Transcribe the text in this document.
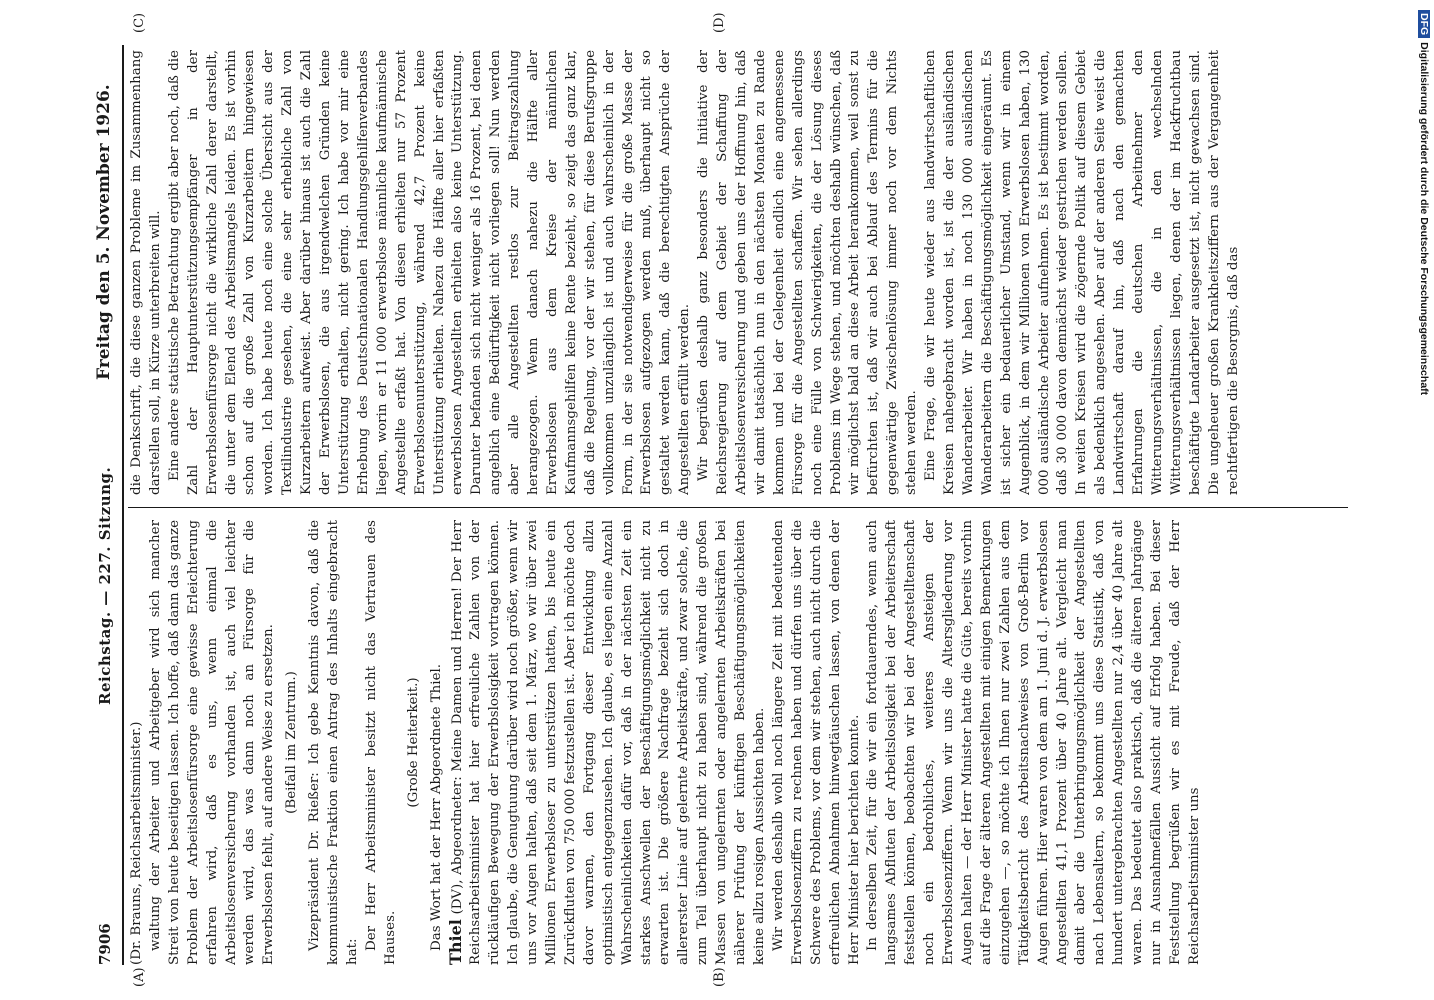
7906
Reichstag. — 227. Sitzung.
Freitag den 5. November 1926.
(A)	(B)
(C)	(D)

(Dr. Brauns, Reichsarbeitsminister.) waltung der Arbeiter und Arbeitgeber wird sich mancher Streit von heute beseitigen lassen. Ich hoffe, daß dann das ganze Problem der Arbeitslosenfürsorge eine gewisse Erleichterung erfahren wird, daß es uns, wenn einmal die Arbeitslosenversicherung vorhanden ist, auch viel leichter werden wird, das was dann noch an Fürsorge für die Erwerbslosen fehlt, auf andere Weise zu ersetzen. (Beifall im Zentrum.) Vizepräsident Dr. Rießer: Ich gebe Kenntnis davon, daß die kommunistische Fraktion einen Antrag des Inhalts eingebracht hat:

Der Herr Arbeitsminister besitzt nicht das Vertrauen des Hauses.

(Große Heiterkeit.) Das Wort hat der Herr Abgeordnete Thiel. Thiel (DV), Abgeordneter: Meine Damen und Herren! Der Herr Reichsarbeitsminister hat hier erfreuliche Zahlen von der rückläufigen Bewegung der Erwerbslosigkeit vortragen können. Ich glaube, die Genugtuung darüber wird noch größer, wenn wir uns vor Augen halten, daß seit dem 1. März, wo wir über zwei Millionen Erwerbsloser zu unterstützen hatten, bis heute ein Zurückfluten von 750 000 festzustellen ist. Aber ich möchte doch davor warnen, den Fortgang dieser Entwicklung allzu optimistisch entgegenzusehen. Ich glaube, es liegen eine Anzahl Wahrscheinlichkeiten dafür vor, daß in der nächsten Zeit ein starkes Anschwellen der Beschäftigungsmöglichkeit nicht zu erwarten ist. Die größere Nachfrage bezieht sich doch in allererster Linie auf gelernte Arbeitskräfte, und zwar solche, die zum Teil überhaupt nicht zu haben sind, während die großen Massen von ungelernten oder angelernten Arbeitskräften bei näherer Prüfung der künftigen Beschäftigungsmöglichkeiten keine allzu rosigen Aussichten haben. Wir werden deshalb wohl noch längere Zeit mit bedeutenden Erwerbslosenziffern zu rechnen haben und dürfen uns über die Schwere des Problems, vor dem wir stehen, auch nicht durch die erfreulichen Abnahmen hinwegtäuschen lassen, von denen der Herr Minister hier berichten konnte. In derselben Zeit, für die wir ein fortdauerndes, wenn auch langsames Abfluten der Arbeitslosigkeit bei der Arbeiterschaft feststellen können, beobachten wir bei der Angestelltenschaft noch ein bedrohliches, weiteres Ansteigen der Erwerbslosenziffern. Wenn wir uns die Altersgliederung vor Augen halten — der Herr Minister hatte die Güte, bereits vorhin auf die Frage der älteren Angestellten mit einigen Bemerkungen einzugehen —, so möchte ich Ihnen nur zwei Zahlen aus dem Tätigkeitsbericht des Arbeitsnachweises von Groß-Berlin vor Augen führen. Hier waren von dem am 1. Juni d. J. erwerbslosen Angestellten 41,1 Prozent über 40 Jahre alt. Vergleicht man damit aber die Unterbringungsmöglichkeit der Angestellten nach Lebensaltern, so bekommt uns diese Statistik, daß von hundert untergebrachten Angestellten nur 2,4 über 40 Jahre alt waren. Das bedeutet also praktisch, daß die älteren Jahrgänge nur in Ausnahmefällen Aussicht auf Erfolg haben. Bei dieser Feststellung begrüßen wir es mit Freude, daß der Herr Reichsarbeitsminister uns

die Denkschrift, die diese ganzen Probleme im Zusammenhang darstellen soll, in Kürze unterbreiten will. Eine andere statistische Betrachtung ergibt aber noch, daß die Zahl der Hauptunterstützungsempfänger in der Erwerbslosenfürsorge nicht die wirkliche Zahl derer darstellt, die unter dem Elend des Arbeitsmangels leiden. Es ist vorhin schon auf die große Zahl von Kurzarbeitern hingewiesen worden. Ich habe heute noch eine solche Übersicht aus der Textilindustrie gesehen, die eine sehr erhebliche Zahl von Kurzarbeitern aufweist. Aber darüber hinaus ist auch die Zahl der Erwerbslosen, die aus irgendwelchen Gründen keine Unterstützung erhalten, nicht gering. Ich habe vor mir eine Erhebung des Deutschnationalen Handlungsgehilfenverbandes liegen, worin er 11 000 erwerbslose männliche kaufmännische Angestellte erfaßt hat. Von diesen erhielten nur 57 Prozent Erwerbslosenunterstützung, während 42,7 Prozent keine Unterstützung erhielten. Nahezu die Hälfte aller hier erfaßten erwerbslosen Angestellten erhielten also keine Unterstützung. Darunter befanden sich nicht weniger als 16 Prozent, bei denen angeblich eine Bedürftigkeit nicht vorliegen soll! Nun werden aber alle Angestellten restlos zur Beitragszahlung herangezogen. Wenn danach nahezu die Hälfte aller Erwerbslosen aus dem Kreise der männlichen Kaufmannsgehilfen keine Rente bezieht, so zeigt das ganz klar, daß die Regelung, vor der wir stehen, für diese Berufsgruppe vollkommen unzulänglich ist und auch wahrscheinlich in der Form, in der sie notwendigerweise für die große Masse der Erwerbslosen aufgezogen werden muß, überhaupt nicht so gestaltet werden kann, daß die berechtigten Ansprüche der Angestellten erfüllt werden. Wir begrüßen deshalb ganz besonders die Initiative der Reichsregierung auf dem Gebiet der Schaffung der Arbeitslosenversicherung und geben uns der Hoffnung hin, daß wir damit tatsächlich nun in den nächsten Monaten zu Rande kommen und bei der Gelegenheit endlich eine angemessene Fürsorge für die Angestellten schaffen. Wir sehen allerdings noch eine Fülle von Schwierigkeiten, die der Lösung dieses Problems im Wege stehen, und möchten deshalb wünschen, daß wir möglichst bald an diese Arbeit herankommen, weil sonst zu befürchten ist, daß wir auch bei Ablauf des Termins für die gegenwärtige Zwischenlösung immer noch vor dem Nichts stehen werden. Eine Frage, die wir heute wieder aus landwirtschaftlichen Kreisen nahegebracht worden ist, ist die der ausländischen Wanderarbeiter. Wir haben in noch 130 000 ausländischen Wanderarbeitern die Beschäftigungsmöglichkeit eingeräumt. Es ist sicher ein bedauerlicher Umstand, wenn wir in einem Augenblick, in dem wir Millionen von Erwerbslosen haben, 130 000 ausländische Arbeiter aufnehmen. Es ist bestimmt worden, daß 30 000 davon demnächst wieder gestrichen werden sollen. In weiten Kreisen wird die zögernde Politik auf diesem Gebiet als bedenklich angesehen. Aber auf der anderen Seite weist die Landwirtschaft darauf hin, daß nach den gemachten Erfahrungen die deutschen Arbeitnehmer den Witterungsverhältnissen, die in den wechselnden Witterungsverhältnissen liegen, denen der im Hackfruchtbau beschäftigte Landarbeiter ausgesetzt ist, nicht gewachsen sind. Die ungeheuer großen Krankheitsziffern aus der Vergangenheit rechtfertigen die Besorgnis, daß das

DFGDigitalisierung gefördert durch die Deutsche Forschungsgemeinschaft
